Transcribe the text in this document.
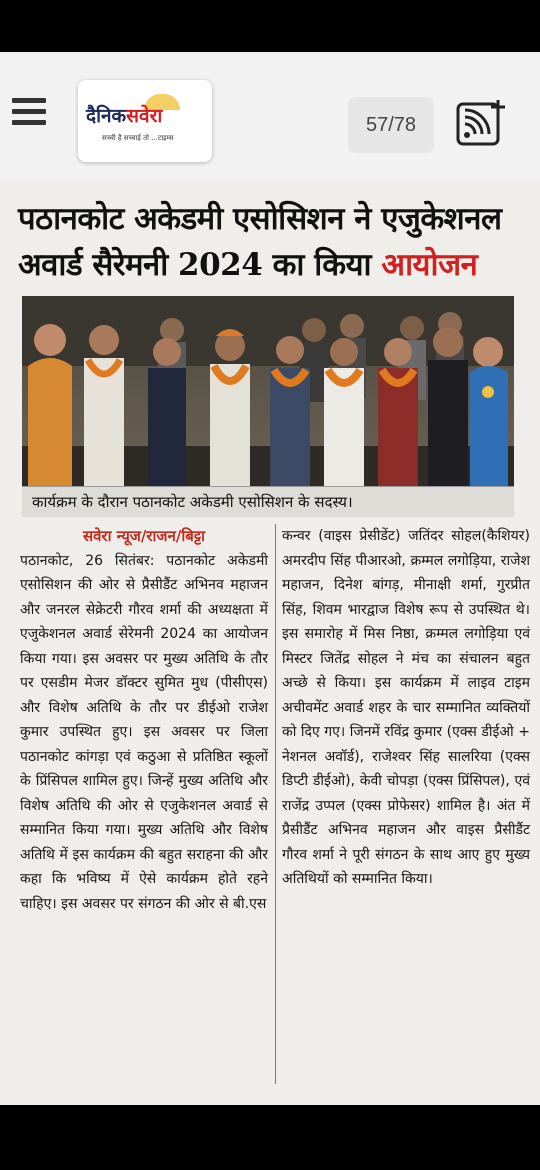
दैनिकसवेरा
सच्ची है सच्चाई तो ...टाइम्स
57/78
पठानकोट अकेडमी एसोसिशन ने एजुकेशनल अवार्ड सैरेमनी 2024 का किया आयोजन
कार्यक्रम के दौरान पठानकोट अकेडमी एसोसिशन के सदस्य।
सवेरा न्यूज/राजन/बिट्टा

पठानकोट, 26 सितंबर: पठानकोट अकेडमी एसोसिशन की ओर से प्रैसीडैंट अभिनव महाजन और जनरल सेक्रेटरी गौरव शर्मा की अध्यक्षता में एजुकेशनल अवार्ड सेरेमनी 2024 का आयोजन किया गया। इस अवसर पर मुख्य अतिथि के तौर पर एसडीम मेजर डॉक्टर सुमित मुध (पीसीएस) और विशेष अतिथि के तौर पर डीईओ राजेश कुमार उपस्थित हुए। इस अवसर पर जिला पठानकोट कांगड़ा एवं कठुआ से प्रतिष्ठित स्कूलों के प्रिंसिपल शामिल हुए। जिन्हें मुख्य अतिथि और विशेष अतिथि की ओर से एजुकेशनल अवार्ड से सम्मानित किया गया। मुख्य अतिथि और विशेष अतिथि में इस कार्यक्रम की बहुत सराहना की और कहा कि भविष्य में ऐसे कार्यक्रम होते रहने चाहिए। इस अवसर पर संगठन की ओर से बी.एस

कन्वर (वाइस प्रेसीडेंट) जतिंदर सोहल(कैशियर) अमरदीप सिंह पीआरओ, क्रम्मल लगोड़िया, राजेश महाजन, दिनेश बांगड़, मीनाक्षी शर्मा, गुरप्रीत सिंह, शिवम भारद्वाज विशेष रूप से उपस्थित थे। इस समारोह में मिस निष्ठा, क्रम्मल लगोड़िया एवं मिस्टर जितेंद्र सोहल ने मंच का संचालन बहुत अच्छे से किया। इस कार्यक्रम में लाइव टाइम अचीवमेंट अवार्ड शहर के चार सम्मानित व्यक्तियों को दिए गए। जिनमें रविंद्र कुमार (एक्स डीईओ + नेशनल अवॉर्ड), राजेश्वर सिंह सालरिया (एक्स डिप्टी डीईओ), केवी चोपड़ा (एक्स प्रिंसिपल), एवं राजेंद्र उप्पल (एक्स प्रोफेसर) शामिल है। अंत में प्रैसीडैंट अभिनव महाजन और वाइस प्रैसीडैंट गौरव शर्मा ने पूरी संगठन के साथ आए हुए मुख्य अतिथियों को सम्मानित किया।
